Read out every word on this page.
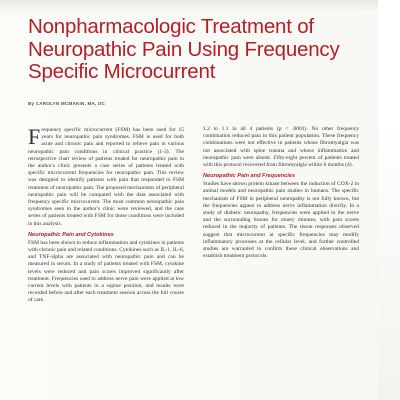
Nonpharmacologic Treatment of Neuropathic Pain Using Frequency Specific Microcurrent
By CAROLYN MCMAKIN, MA, DC

Frequency specific microcurrent (FSM) has been used for 15 years for neuropathic pain syndromes. FSM is used for both acute and chronic pain and reported to relieve pain in various neuropathic pain conditions in clinical practice (1-3). The retrospective chart review of patients treated for neuropathic pain in the author's clinic presents a case series of patients treated with specific microcurrent frequencies for neuropathic pain. This review was designed to identify patients with pain that responded to FSM treatment of neuropathic pain. The proposed mechanisms of peripheral neuropathic pain will be compared with the data associated with frequency specific microcurrent. The most common neuropathic pain syndromes seen in the author's clinic were reviewed, and the case series of patients treated with FSM for those conditions were included in this analysis.

Neuropathic Pain and Cytokines

FSM has been shown to reduce inflammation and cytokines in patients with chronic pain and related conditions. Cytokines such as IL-1, IL-6, and TNF-alpha are associated with neuropathic pain and can be measured in serum. In a study of patients treated with FSM, cytokine levels were reduced and pain scores improved significantly after treatment. Frequencies used to address nerve pain were applied at low current levels with patients in a supine position, and results were recorded before and after each treatment session across the full course of care.

1.2 to 1.1 in all 4 patients (p < .0001). No other frequency combination reduced pain in this patient population. These frequency combinations were not effective in patients whose fibromyalgia was not associated with spine trauma and whose inflammation and neuropathic pain were absent. Fifty-eight percent of patients treated with this protocol recovered from fibromyalgia within 6 months (4).

Neuropathic Pain and Frequencies

Studies have shown protein kinase between the induction of COX-2 in animal models and neuropathic pain studies in humans. The specific mechanism of FSM in peripheral neuropathy is not fully known, but the frequencies appear to address nerve inflammation directly. In a study of diabetic neuropathy, frequencies were applied to the nerve and the surrounding tissues for ninety minutes, with pain scores reduced in the majority of patients. The tissue responses observed suggest that microcurrent at specific frequencies may modify inflammatory processes at the cellular level, and further controlled studies are warranted to confirm these clinical observations and establish treatment protocols.
